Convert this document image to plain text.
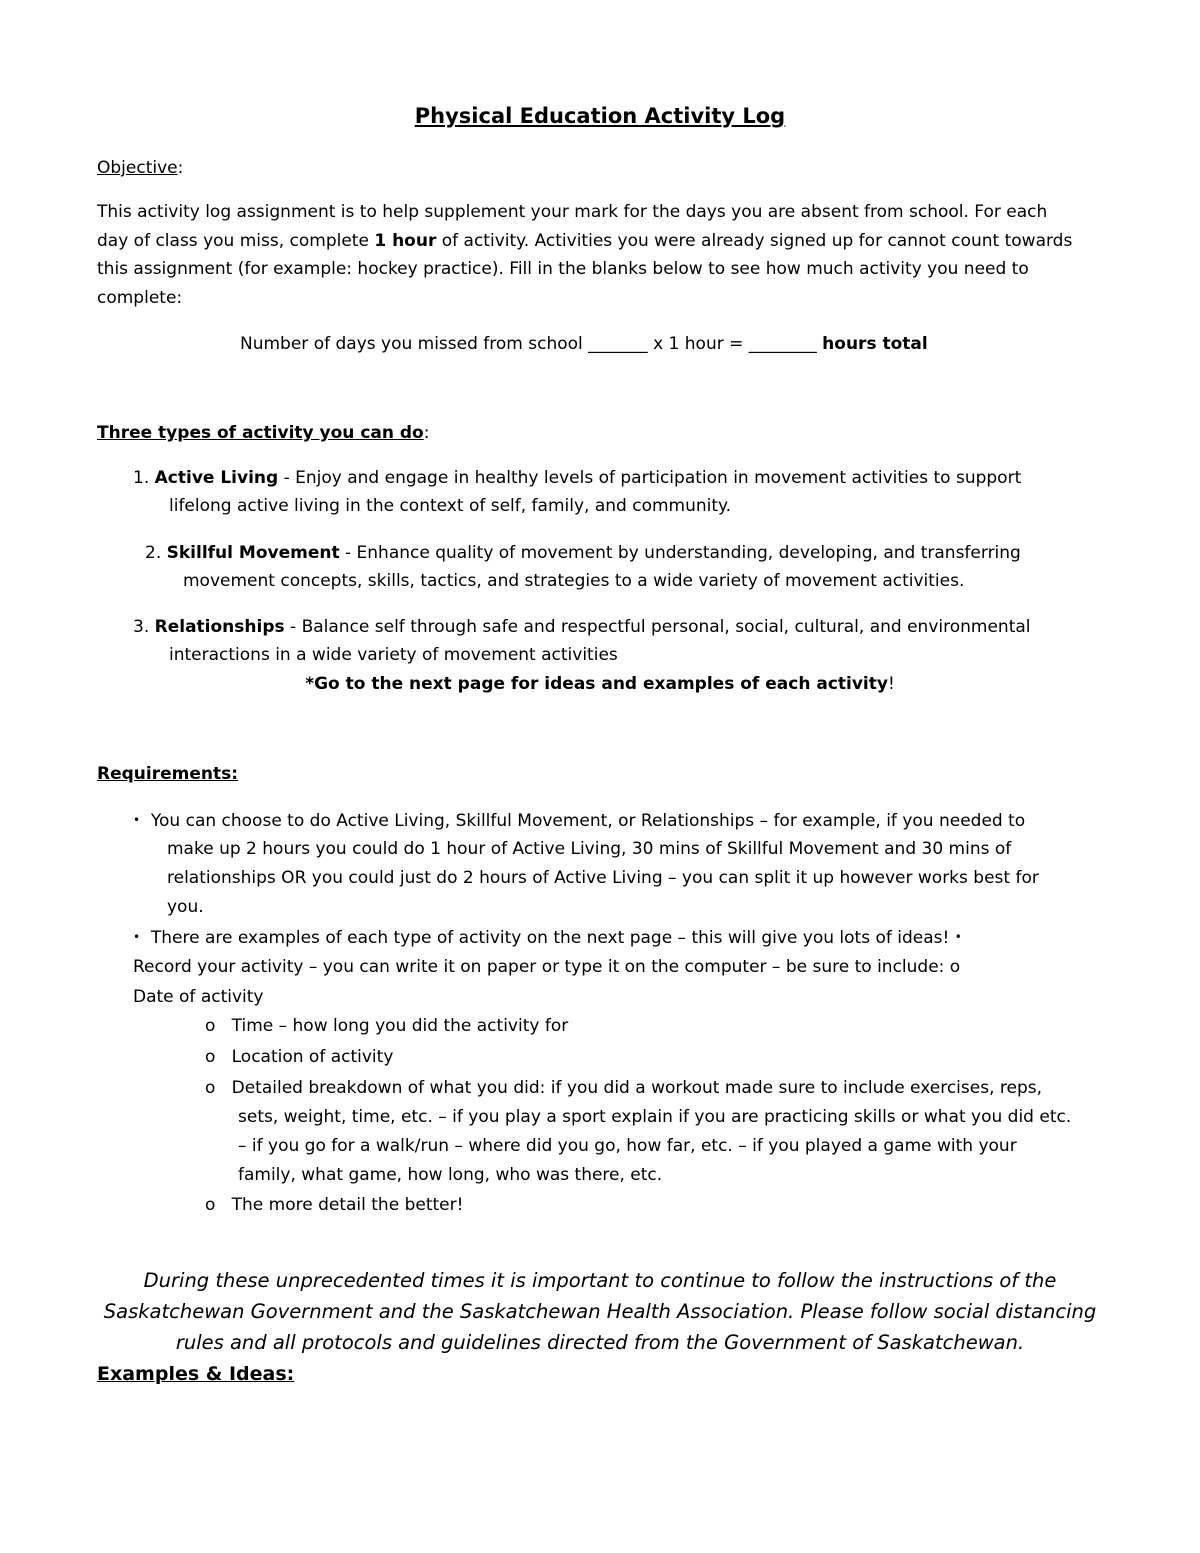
Physical Education Activity Log
Objective:
This activity log assignment is to help supplement your mark for the days you are absent from school. For each
day of class you miss, complete 1 hour of activity. Activities you were already signed up for cannot count towards
this assignment (for example: hockey practice). Fill in the blanks below to see how much activity you need to
complete:
Number of days you missed from school _______ x 1 hour = ________ hours total
Three types of activity you can do:
1. Active Living - Enjoy and engage in healthy levels of participation in movement activities to support
lifelong active living in the context of self, family, and community.
2. Skillful Movement - Enhance quality of movement by understanding, developing, and transferring
movement concepts, skills, tactics, and strategies to a wide variety of movement activities.
3. Relationships - Balance self through safe and respectful personal, social, cultural, and environmental
interactions in a wide variety of movement activities
*Go to the next page for ideas and examples of each activity!
Requirements:
• You can choose to do Active Living, Skillful Movement, or Relationships – for example, if you needed to
make up 2 hours you could do 1 hour of Active Living, 30 mins of Skillful Movement and 30 mins of
relationships OR you could just do 2 hours of Active Living – you can split it up however works best for
you.
• There are examples of each type of activity on the next page – this will give you lots of ideas! •
Record your activity – you can write it on paper or type it on the computer – be sure to include: o
Date of activity
o Time – how long you did the activity for
o Location of activity
o Detailed breakdown of what you did: if you did a workout made sure to include exercises, reps,
sets, weight, time, etc. – if you play a sport explain if you are practicing skills or what you did etc.
– if you go for a walk/run – where did you go, how far, etc. – if you played a game with your
family, what game, how long, who was there, etc.
o The more detail the better!
During these unprecedented times it is important to continue to follow the instructions of the
Saskatchewan Government and the Saskatchewan Health Association. Please follow social distancing
rules and all protocols and guidelines directed from the Government of Saskatchewan.
Examples & Ideas:
